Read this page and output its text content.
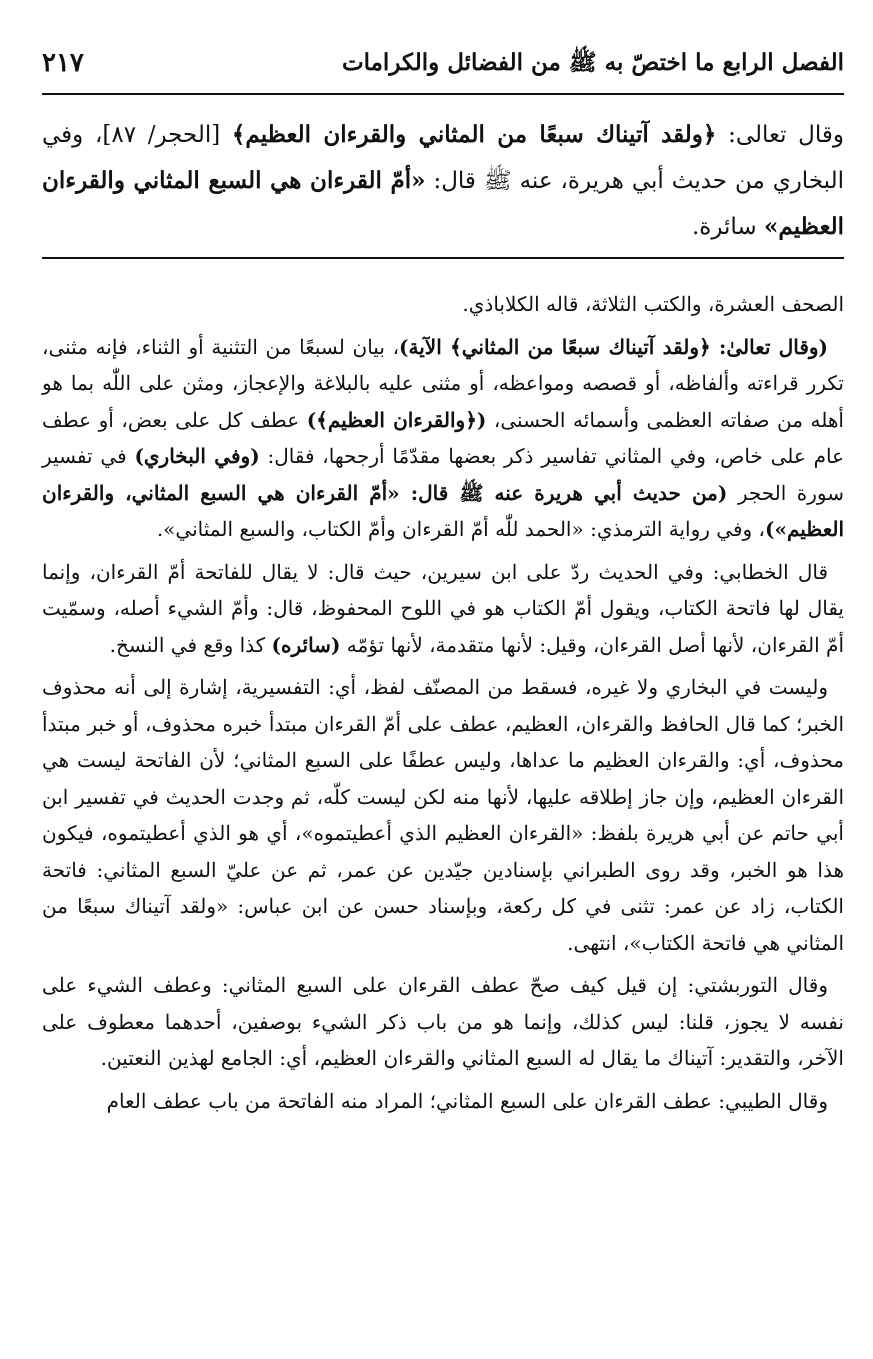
الفصل الرابع ما اختصّ به ﷺ من الفضائل والكرامات
٢١٧
وقال تعالى: ﴿ولقد آتيناك سبعًا من المثاني والقرءان العظيم﴾ [الحجر/ ٨٧]، وفي البخاري من حديث أبي هريرة، عنه ﷺ قال: «أمّ القرءان هي السبع المثاني والقرءان العظيم» سائرة.

الصحف العشرة، والكتب الثلاثة، قاله الكلاباذي.

(وقال تعالىٰ: ﴿ولقد آتيناك سبعًا من المثاني﴾ الآية)، بيان لسبعًا من التثنية أو الثناء، فإنه مثنى، تكرر قراءته وألفاظه، أو قصصه ومواعظه، أو مثنى عليه بالبلاغة والإعجاز، ومثن على اللّٰه بما هو أهله من صفاته العظمى وأسمائه الحسنى، (﴿والقرءان العظيم﴾) عطف كل على بعض، أو عطف عام على خاص، وفي المثاني تفاسير ذكر بعضها مقدّمًا أرجحها، فقال: (وفي البخاري) في تفسير سورة الحجر (من حديث أبي هريرة عنه ﷺ قال: «أمّ القرءان هي السبع المثاني، والقرءان العظيم»)، وفي رواية الترمذي: «الحمد للّٰه أمّ القرءان وأمّ الكتاب، والسبع المثاني».

قال الخطابي: وفي الحديث ردّ على ابن سيرين، حيث قال: لا يقال للفاتحة أمّ القرءان، وإنما يقال لها فاتحة الكتاب، ويقول أمّ الكتاب هو في اللوح المحفوظ، قال: وأمّ الشيء أصله، وسمّيت أمّ القرءان، لأنها أصل القرءان، وقيل: لأنها متقدمة، لأنها تؤمّه (سائره) كذا وقع في النسخ.

وليست في البخاري ولا غيره، فسقط من المصنّف لفظ، أي: التفسيرية، إشارة إلى أنه محذوف الخبر؛ كما قال الحافظ والقرءان، العظيم، عطف على أمّ القرءان مبتدأ خبره محذوف، أو خبر مبتدأ محذوف، أي: والقرءان العظيم ما عداها، وليس عطفًا على السبع المثاني؛ لأن الفاتحة ليست هي القرءان العظيم، وإن جاز إطلاقه عليها، لأنها منه لكن ليست كلّه، ثم وجدت الحديث في تفسير ابن أبي حاتم عن أبي هريرة بلفظ: «القرءان العظيم الذي أعطيتموه»، أي هو الذي أعطيتموه، فيكون هذا هو الخبر، وقد روى الطبراني بإسنادين جيّدين عن عمر، ثم عن عليّ السبع المثاني: فاتحة الكتاب، زاد عن عمر: تثنى في كل ركعة، وبإسناد حسن عن ابن عباس: «ولقد آتيناك سبعًا من المثاني هي فاتحة الكتاب»، انتهى.

وقال التوربشتي: إن قيل كيف صحّ عطف القرءان على السبع المثاني: وعطف الشيء على نفسه لا يجوز، قلنا: ليس كذلك، وإنما هو من باب ذكر الشيء بوصفين، أحدهما معطوف على الآخر، والتقدير: آتيناك ما يقال له السبع المثاني والقرءان العظيم، أي: الجامع لهذين النعتين.

وقال الطيبي: عطف القرءان على السبع المثاني؛ المراد منه الفاتحة من باب عطف العام
